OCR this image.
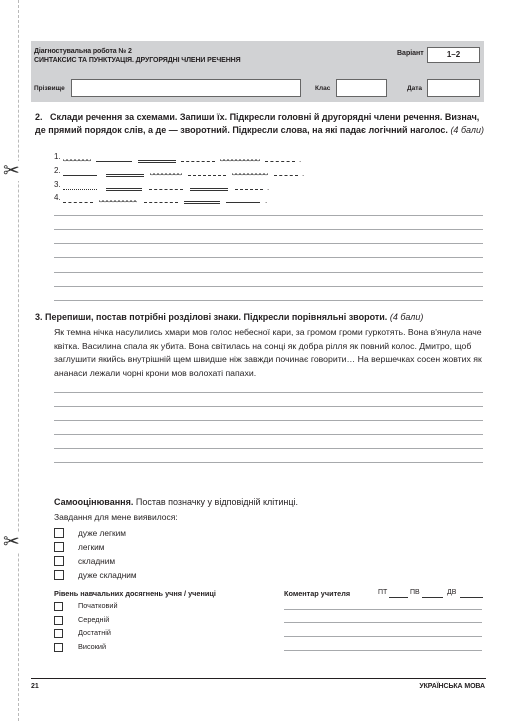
✂
✂
Діагностувальна робота № 2
СИНТАКСИС ТА ПУНКТУАЦІЯ. ДРУГОРЯДНІ ЧЛЕНИ РЕЧЕННЯ
Варіант	1–2
Прізвище	Клас	Дата
2. Склади речення за схемами. Запиши їх. Підкресли головні й другорядні члени речення. Визнач, де прямий порядок слів, а де — зворотний. Підкресли слова, на які падає логічний наголос. (4 бали)
1.	.
2.	.
3.	.
4.	.
3. Перепиши, постав потрібні розділові знаки. Підкресли порівняльні звороти. (4 бали)
Як темна нічка насулились хмари мов голос небесної кари, за громом громи гуркотять. Вона в'янула наче квітка. Василина спала як убита. Вона світилась на сонці як добра рілля як повний колос. Дмитро, щоб заглушити якийсь внутрішній щем швидше ніж завжди починає говорити… На вершечках сосен жовтих як ананаси лежали чорні крони мов волохаті папахи.
Самооцінювання. Постав позначку у відповідній клітинці.
Завдання для мене виявилося:
дуже легким
легким
складним
дуже складним
Рівень навчальних досягнень учня / учениці
Початковий
Середній
Достатній
Високий
Коментар учителя	ПТ	ПВ	ДВ
21	УКРАЇНСЬКА МОВА
